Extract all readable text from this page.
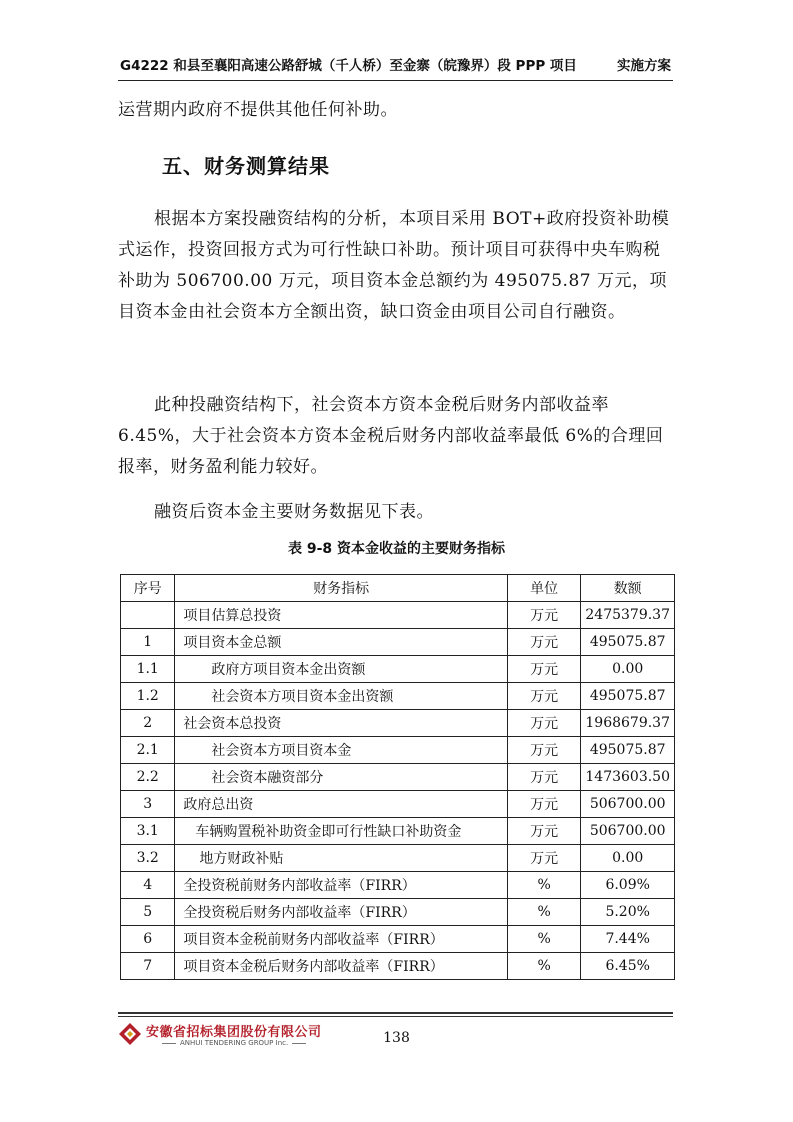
G4222 和县至襄阳高速公路舒城（千人桥）至金寨（皖豫界）段 PPP 项目	实施方案
运营期内政府不提供其他任何补助。
五、财务测算结果
根据本方案投融资结构的分析，本项目采用 BOT+政府投资补助模式运作，投资回报方式为可行性缺口补助。预计项目可获得中央车购税补助为 506700.00 万元，项目资本金总额约为 495075.87 万元，项目资本金由社会资本方全额出资，缺口资金由项目公司自行融资。
此种投融资结构下，社会资本方资本金税后财务内部收益率 6.45%，大于社会资本方资本金税后财务内部收益率最低 6%的合理回报率，财务盈利能力较好。
融资后资本金主要财务数据见下表。
表 9-8 资本金收益的主要财务指标
序号	财务指标	单位	数额
	项目估算总投资	万元	2475379.37
1	项目资本金总额	万元	495075.87
1.1	政府方项目资本金出资额	万元	0.00
1.2	社会资本方项目资本金出资额	万元	495075.87
2	社会资本总投资	万元	1968679.37
2.1	社会资本方项目资本金	万元	495075.87
2.2	社会资本融资部分	万元	1473603.50
3	政府总出资	万元	506700.00
3.1	车辆购置税补助资金即可行性缺口补助资金	万元	506700.00
3.2	地方财政补贴	万元	0.00
4	全投资税前财务内部收益率（FIRR）	%	6.09%
5	全投资税后财务内部收益率（FIRR）	%	5.20%
6	项目资本金税前财务内部收益率（FIRR）	%	7.44%
7	项目资本金税后财务内部收益率（FIRR）	%	6.45%
安徽省招标集团股份有限公司
ANHUI TENDERING GROUP Inc.	138
